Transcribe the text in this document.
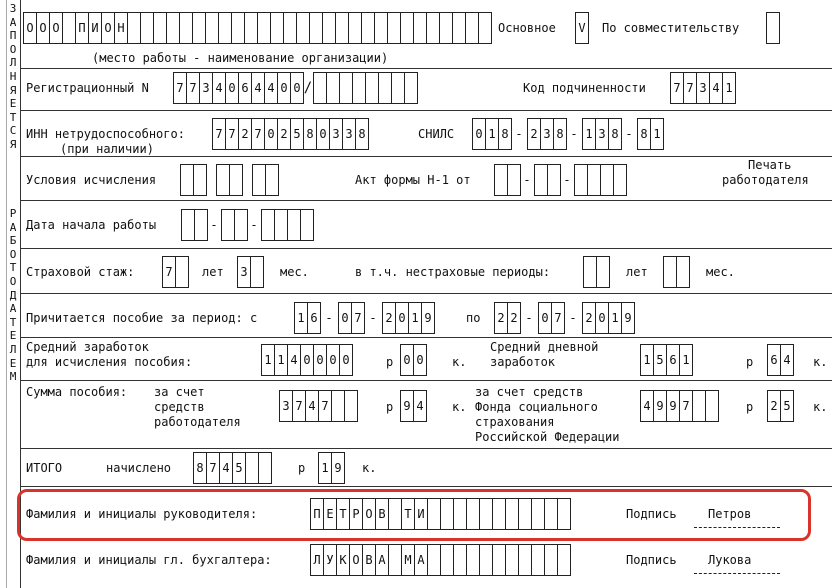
З
А
П
О
Л
Н
Я
Е
Т
С
Я
Р
А
Б
О
Т
О
Д
А
Т
Е
Л
Е
М
О О О П И О Н	Основное V По совместительству
(место работы - наименование организации)
Регистрационный N 7 7 3 4 0 6 4 4 0 0 /	Код подчиненности 7 7 3 4 1
ИНН нетрудоспособного:
(при наличии)
7 7 2 7 0 2 5 8 0 3 3 8	СНИЛС 0 1 8 - 2 3 8 - 1 3 8 - 8 1
Условия исчисления	Акт формы Н-1 от	-	-
Печать
работодателя
Дата начала работы	-	-
Страховой стаж:	7 лет 3	мес.	в т.ч. нестраховые периоды:	лет	мес.
Причитается пособие за период: с	1 6 - 0 7 - 2 0 1 9	по 2 2 - 0 7 - 2 0 1 9
Средний заработок
для исчисления пособия:	1 1 4 0 0 0 0	р 0 0 к.
Средний дневной
заработок	1 5 6 1	р 6 4 к.
Сумма пособия: за счет
средств
работодателя
3 7 4 7	р 9 4 к.
за счет средств
Фонда социального
страхования
Российской Федерации
4 9 9 7	р 2 5 к.
ИТОГО	начислено 8 7 4 5	р 1 9 к.
Фамилия и инициалы руководителя:	П Е Т Р О В Т И	Подпись	Петров
Фамилия и инициалы гл. бухгалтера:	Л У К О В А М А	Подпись	Лукова
